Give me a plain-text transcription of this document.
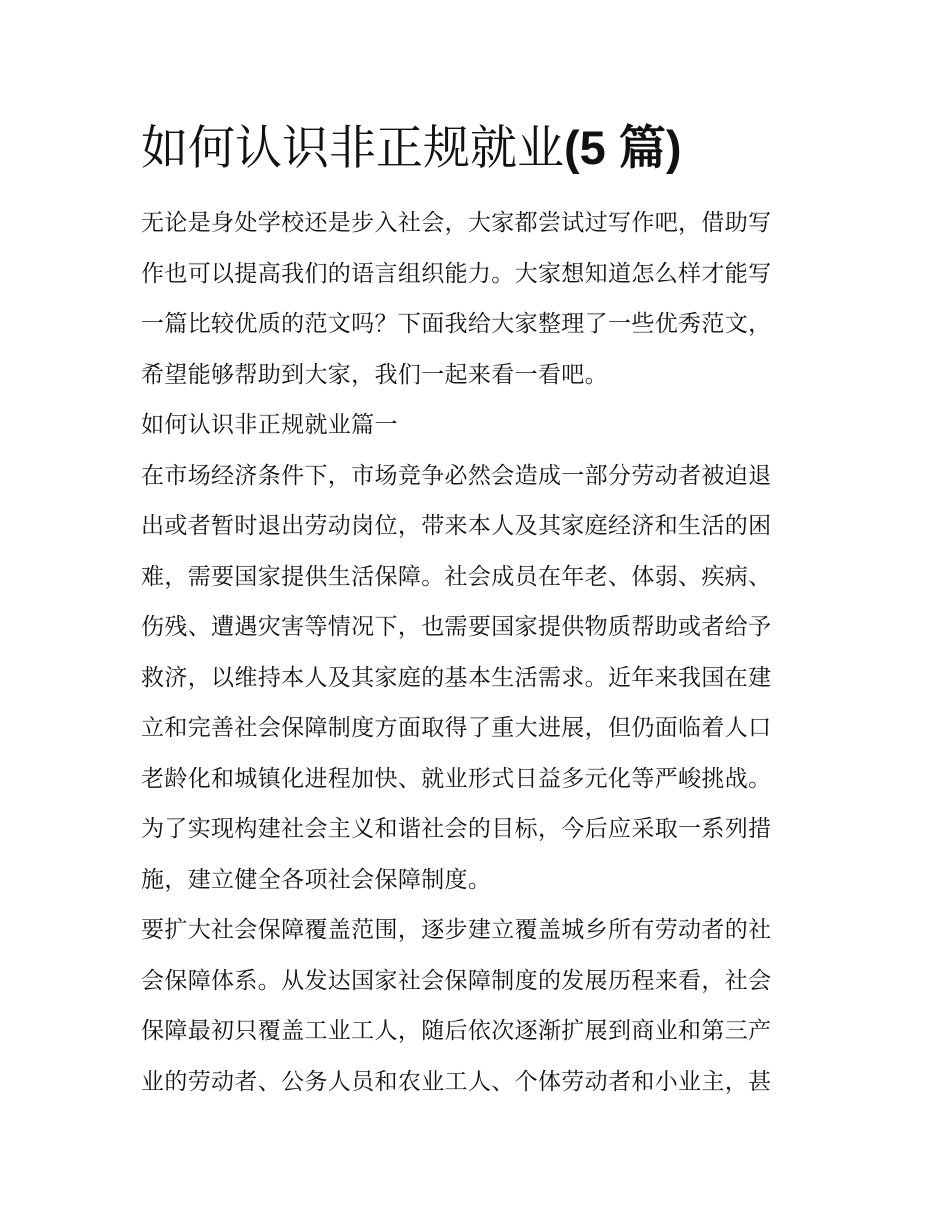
如何认识非正规就业(5 篇)

无论是身处学校还是步入社会，大家都尝试过写作吧，借助写
作也可以提高我们的语言组织能力。大家想知道怎么样才能写
一篇比较优质的范文吗？下面我给大家整理了一些优秀范文，
希望能够帮助到大家，我们一起来看一看吧。

如何认识非正规就业篇一

在市场经济条件下，市场竞争必然会造成一部分劳动者被迫退
出或者暂时退出劳动岗位，带来本人及其家庭经济和生活的困
难，需要国家提供生活保障。社会成员在年老、体弱、疾病、
伤残、遭遇灾害等情况下，也需要国家提供物质帮助或者给予
救济，以维持本人及其家庭的基本生活需求。近年来我国在建
立和完善社会保障制度方面取得了重大进展，但仍面临着人口
老龄化和城镇化进程加快、就业形式日益多元化等严峻挑战。
为了实现构建社会主义和谐社会的目标，今后应采取一系列措
施，建立健全各项社会保障制度。

要扩大社会保障覆盖范围，逐步建立覆盖城乡所有劳动者的社
会保障体系。从发达国家社会保障制度的发展历程来看，社会
保障最初只覆盖工业工人，随后依次逐渐扩展到商业和第三产
业的劳动者、公务人员和农业工人、个体劳动者和小业主，甚
